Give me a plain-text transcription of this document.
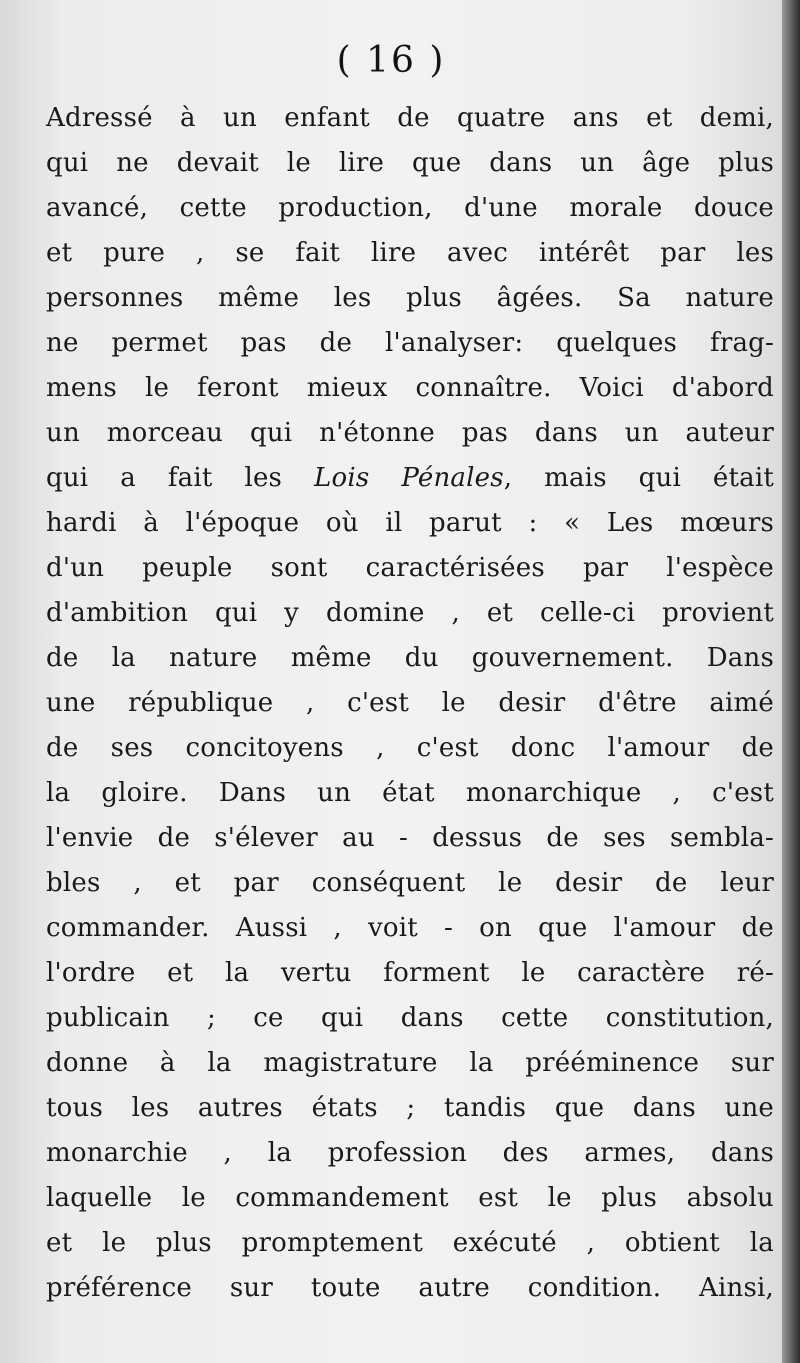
( 16 )
Adressé à un enfant de quatre ans et demi,
qui ne devait le lire que dans un âge plus
avancé, cette production, d'une morale douce
et pure , se fait lire avec intérêt par les
personnes même les plus âgées. Sa nature
ne permet pas de l'analyser: quelques frag-
mens le feront mieux connaître. Voici d'abord
un morceau qui n'étonne pas dans un auteur
qui a fait les Lois Pénales, mais qui était
hardi à l'époque où il parut : « Les mœurs
d'un peuple sont caractérisées par l'espèce
d'ambition qui y domine , et celle-ci provient
de la nature même du gouvernement. Dans
une république , c'est le desir d'être aimé
de ses concitoyens , c'est donc l'amour de
la gloire. Dans un état monarchique , c'est
l'envie de s'élever au - dessus de ses sembla-
bles , et par conséquent le desir de leur
commander. Aussi , voit - on que l'amour de
l'ordre et la vertu forment le caractère ré-
publicain ; ce qui dans cette constitution,
donne à la magistrature la prééminence sur
tous les autres états ; tandis que dans une
monarchie , la profession des armes, dans
laquelle le commandement est le plus absolu
et le plus promptement exécuté , obtient la
préférence sur toute autre condition. Ainsi,
